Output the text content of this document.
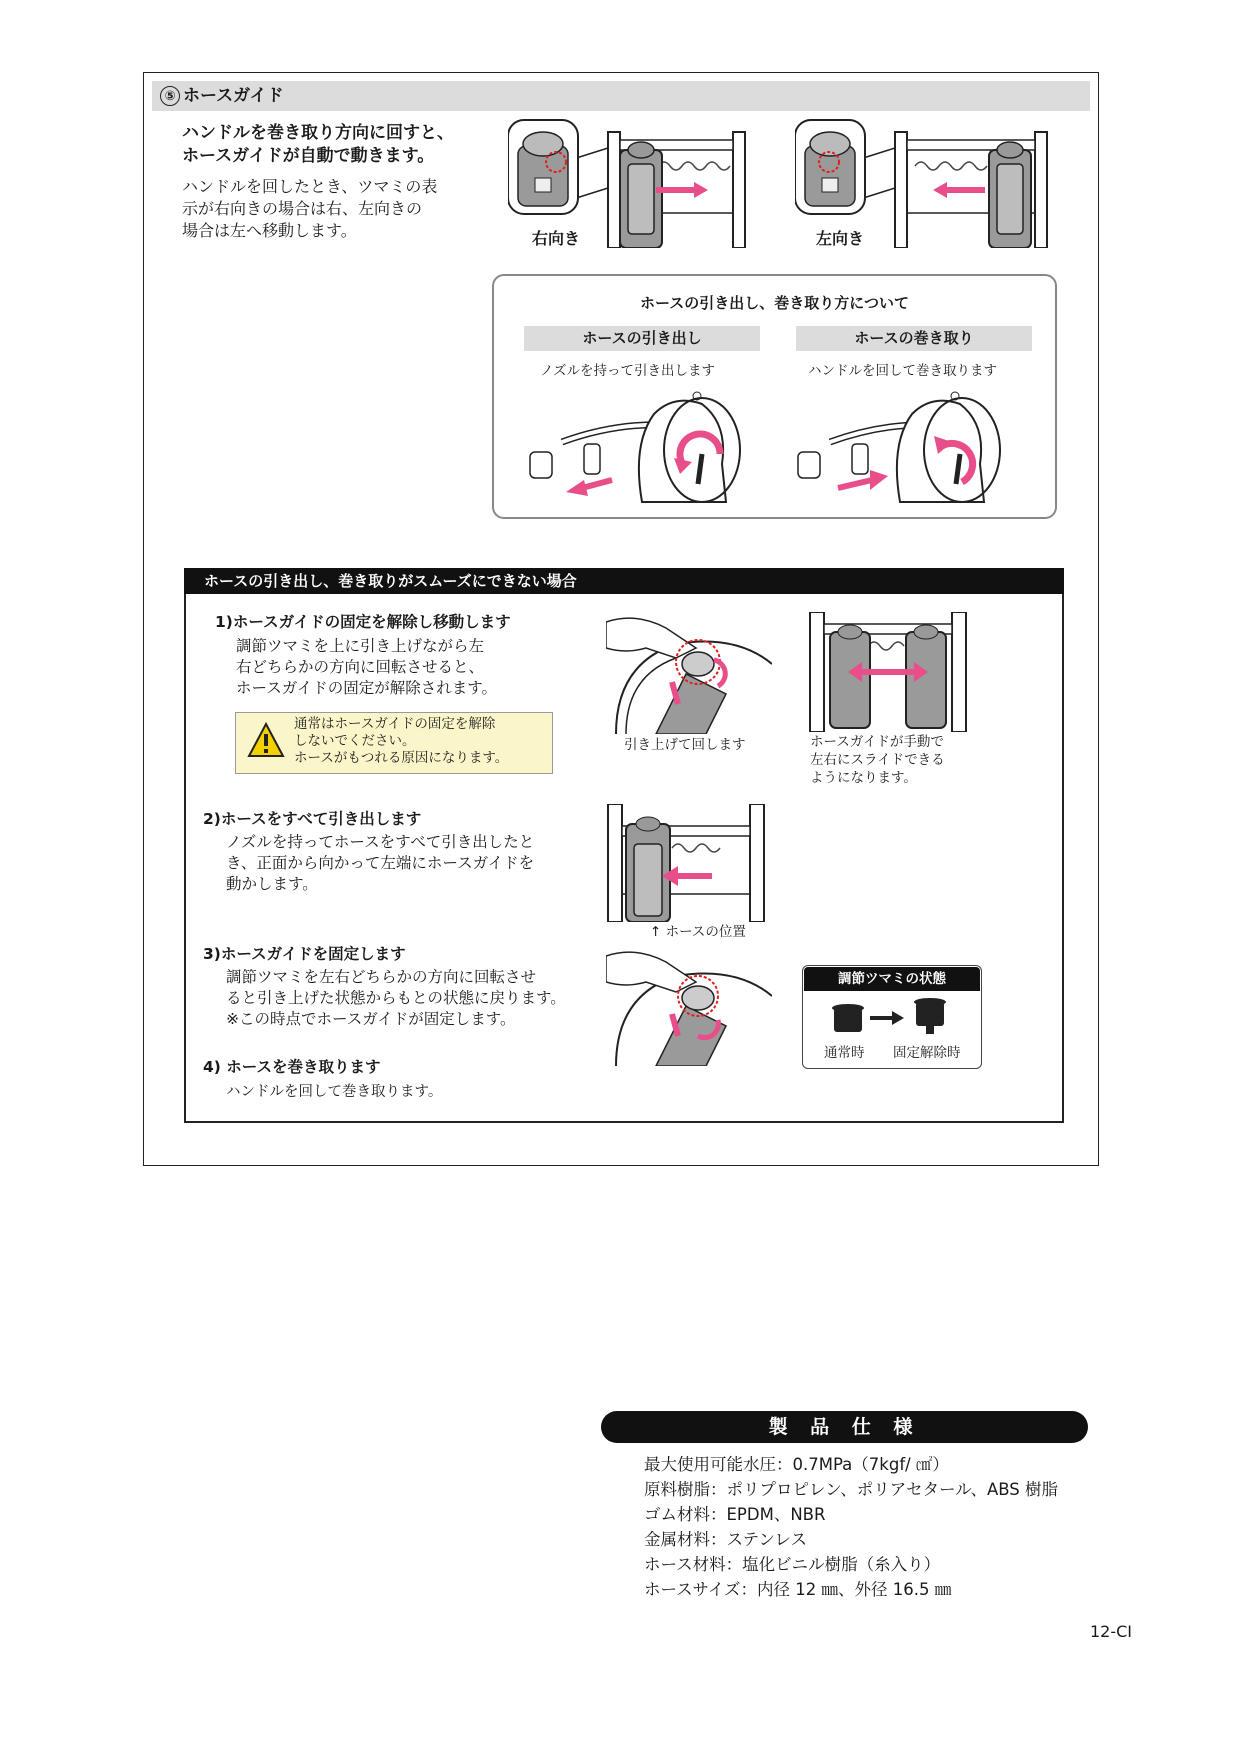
⑤ ホースガイド
ハンドルを巻き取り方向に回すと、
ホースガイドが自動で動きます。
ハンドルを回したとき、ツマミの表
示が右向きの場合は右、左向きの
場合は左へ移動します。	右向き	左向き
ホースの引き出し、巻き取り方について
ホースの引き出し	ホースの巻き取り
ノズルを持って引き出します	ハンドルを回して巻き取ります
ホースの引き出し、巻き取りがスムーズにできない場合
1)ホースガイドの固定を解除し移動します
調節ツマミを上に引き上げながら左
右どちらかの方向に回転させると、
ホースガイドの固定が解除されます。
通常はホースガイドの固定を解除
しないでください。
ホースがもつれる原因になります。
引き上げて回します	ホースガイドが手動で
左右にスライドできる
ようになります。
2)ホースをすべて引き出します
ノズルを持ってホースをすべて引き出したと
き、正面から向かって左端にホースガイドを
動かします。
↑ ホースの位置
3)ホースガイドを固定します
調節ツマミを左右どちらかの方向に回転させ
ると引き上げた状態からもとの状態に戻ります。
※この時点でホースガイドが固定します。
調節ツマミの状態
通常時 固定解除時
4) ホースを巻き取ります
ハンドルを回して巻き取ります。
製 品 仕 様
最大使用可能水圧：0.7MPa（7kgf/ ㎠）
原料樹脂：ポリプロピレン、ポリアセタール、ABS 樹脂
ゴム材料：EPDM、NBR
金属材料：ステンレス
ホース材料：塩化ビニル樹脂（糸入り）
ホースサイズ：内径 12 ㎜、外径 16.5 ㎜
12-CI
